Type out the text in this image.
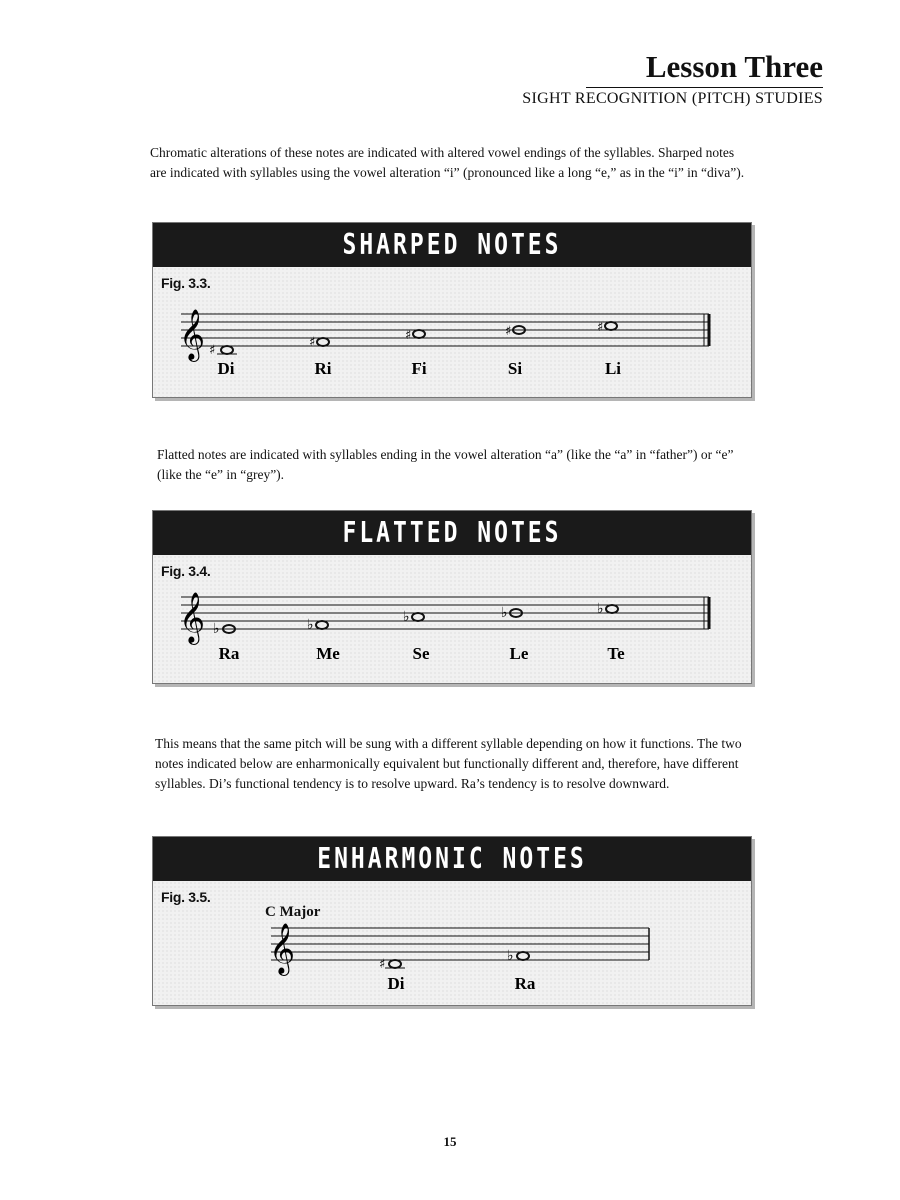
Lesson Three
SIGHT RECOGNITION (PITCH) STUDIES
Chromatic alterations of these notes are indicated with altered vowel endings of the syllables. Sharped notes are indicated with syllables using the vowel alteration “i” (pronounced like a long “e,” as in the “i” in “diva”).
SHARPED NOTES
Fig. 3.3.
𝄞 ♯
♯	♯	♯	♯
Di	Ri	Fi	Si	Li
Flatted notes are indicated with syllables ending in the vowel alteration “a” (like the “a” in “father”) or “e” (like the “e” in “grey”).
FLATTED NOTES
Fig. 3.4.
𝄞 ♭	♭	♭	♭	♭
Ra	Me	Se	Le	Te
This means that the same pitch will be sung with a different syllable depending on how it functions. The two notes indicated below are enharmonically equivalent but functionally different and, therefore, have different syllables. Di’s functional tendency is to resolve upward. Ra’s tendency is to resolve downward.
ENHARMONIC NOTES
Fig. 3.5.
C Major
𝄞	♯
♭
Di	Ra
15
